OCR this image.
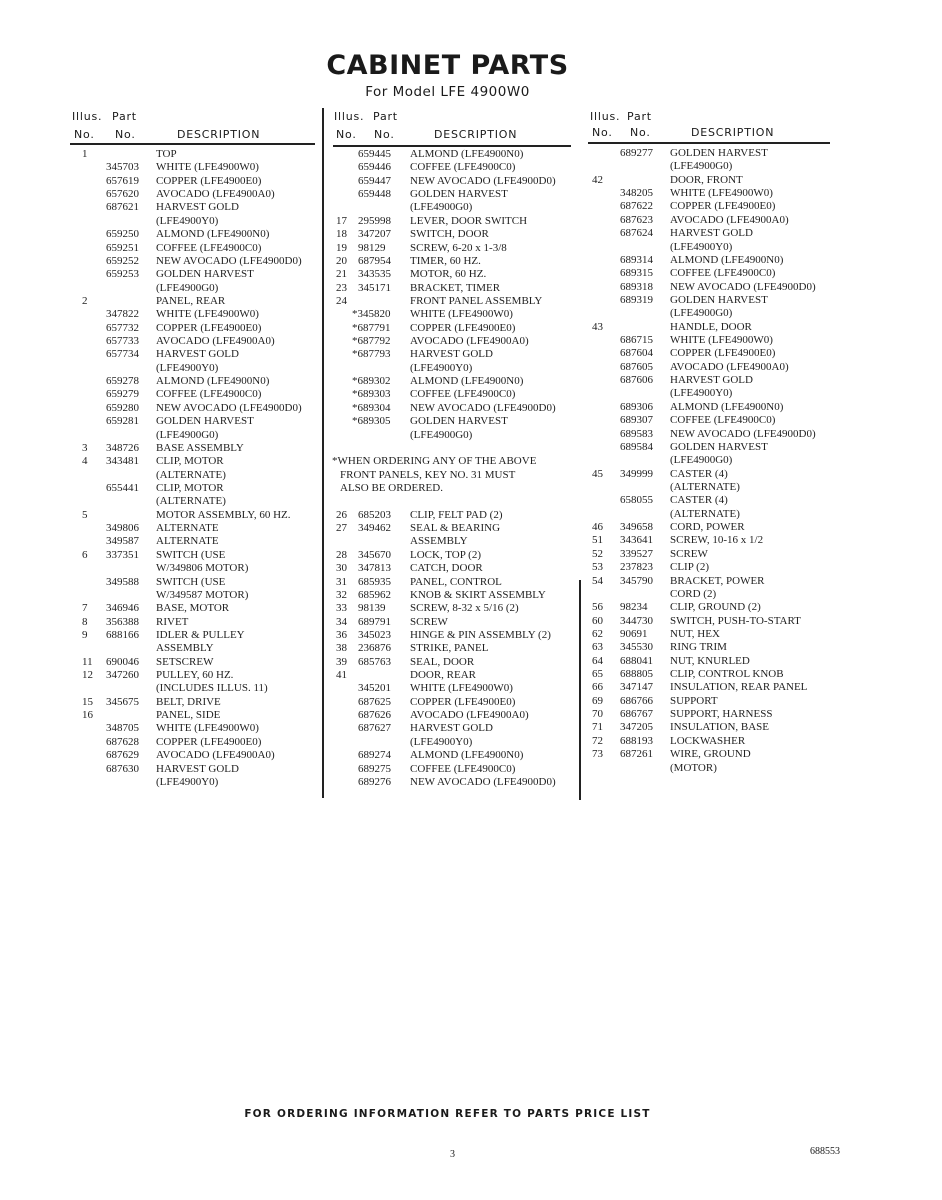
CABINET PARTS
For Model LFE 4900W0
Illus. Part
No. No.	DESCRIPTION
Illus. Part
No. No.	DESCRIPTION
Illus. Part
No. No.	DESCRIPTION
1	TOP
345703 WHITE (LFE4900W0)
657619 COPPER (LFE4900E0)
657620 AVOCADO (LFE4900A0)
687621 HARVEST GOLD
(LFE4900Y0)
659250 ALMOND (LFE4900N0)
659251 COFFEE (LFE4900C0)
659252 NEW AVOCADO (LFE4900D0)
659253 GOLDEN HARVEST
(LFE4900G0)
2	PANEL, REAR
347822 WHITE (LFE4900W0)
657732 COPPER (LFE4900E0)
657733 AVOCADO (LFE4900A0)
657734 HARVEST GOLD
(LFE4900Y0)
659278 ALMOND (LFE4900N0)
659279 COFFEE (LFE4900C0)
659280 NEW AVOCADO (LFE4900D0)
659281 GOLDEN HARVEST
(LFE4900G0)
3 348726 BASE ASSEMBLY
4 343481 CLIP, MOTOR
(ALTERNATE)
655441 CLIP, MOTOR
(ALTERNATE)
5	MOTOR ASSEMBLY, 60 HZ.
349806 ALTERNATE
349587 ALTERNATE
6 337351 SWITCH (USE
W/349806 MOTOR)
349588 SWITCH (USE
W/349587 MOTOR)
7 346946 BASE, MOTOR
8 356388 RIVET
9 688166 IDLER & PULLEY
ASSEMBLY
11 690046 SETSCREW
12 347260 PULLEY, 60 HZ.
(INCLUDES ILLUS. 11)
15 345675 BELT, DRIVE
16	PANEL, SIDE
348705 WHITE (LFE4900W0)
687628 COPPER (LFE4900E0)
687629 AVOCADO (LFE4900A0)
687630 HARVEST GOLD
(LFE4900Y0)
659445 ALMOND (LFE4900N0)
659446 COFFEE (LFE4900C0)
659447 NEW AVOCADO (LFE4900D0)
659448 GOLDEN HARVEST
(LFE4900G0)
17 295998 LEVER, DOOR SWITCH
18 347207 SWITCH, DOOR
19 98129 SCREW, 6-20 x 1-3/8
20 687954 TIMER, 60 HZ.
21 343535 MOTOR, 60 HZ.
23 345171 BRACKET, TIMER
24	FRONT PANEL ASSEMBLY
*345820 WHITE (LFE4900W0)
*687791 COPPER (LFE4900E0)
*687792 AVOCADO (LFE4900A0)
*687793 HARVEST GOLD
(LFE4900Y0)
*689302 ALMOND (LFE4900N0)
*689303 COFFEE (LFE4900C0)
*689304 NEW AVOCADO (LFE4900D0)
*689305 GOLDEN HARVEST
(LFE4900G0)
*WHEN ORDERING ANY OF THE ABOVE
FRONT PANELS, KEY NO. 31 MUST
ALSO BE ORDERED.
26 685203 CLIP, FELT PAD (2)
27 349462 SEAL & BEARING
ASSEMBLY
28 345670 LOCK, TOP (2)
30 347813 CATCH, DOOR
31 685935 PANEL, CONTROL
32 685962 KNOB & SKIRT ASSEMBLY
33 98139 SCREW, 8-32 x 5/16 (2)
34 689791 SCREW
36 345023 HINGE & PIN ASSEMBLY (2)
38 236876 STRIKE, PANEL
39 685763 SEAL, DOOR
41	DOOR, REAR
345201 WHITE (LFE4900W0)
687625 COPPER (LFE4900E0)
687626 AVOCADO (LFE4900A0)
687627 HARVEST GOLD
(LFE4900Y0)
689274 ALMOND (LFE4900N0)
689275 COFFEE (LFE4900C0)
689276 NEW AVOCADO (LFE4900D0)
689277 GOLDEN HARVEST
(LFE4900G0)
42	DOOR, FRONT
348205 WHITE (LFE4900W0)
687622 COPPER (LFE4900E0)
687623 AVOCADO (LFE4900A0)
687624 HARVEST GOLD
(LFE4900Y0)
689314 ALMOND (LFE4900N0)
689315 COFFEE (LFE4900C0)
689318 NEW AVOCADO (LFE4900D0)
689319 GOLDEN HARVEST
(LFE4900G0)
43	HANDLE, DOOR
686715 WHITE (LFE4900W0)
687604 COPPER (LFE4900E0)
687605 AVOCADO (LFE4900A0)
687606 HARVEST GOLD
(LFE4900Y0)
689306 ALMOND (LFE4900N0)
689307 COFFEE (LFE4900C0)
689583 NEW AVOCADO (LFE4900D0)
689584 GOLDEN HARVEST
(LFE4900G0)
45 349999 CASTER (4)
(ALTERNATE)
658055 CASTER (4)
(ALTERNATE)
46 349658 CORD, POWER
51 343641 SCREW, 10-16 x 1/2
52 339527 SCREW
53 237823 CLIP (2)
54 345790 BRACKET, POWER
CORD (2)
56 98234 CLIP, GROUND (2)
60 344730 SWITCH, PUSH-TO-START
62 90691 NUT, HEX
63 345530 RING TRIM
64 688041 NUT, KNURLED
65 688805 CLIP, CONTROL KNOB
66 347147 INSULATION, REAR PANEL
69 686766 SUPPORT
70 686767 SUPPORT, HARNESS
71 347205 INSULATION, BASE
72 688193 LOCKWASHER
73 687261 WIRE, GROUND
(MOTOR)
FOR ORDERING INFORMATION REFER TO PARTS PRICE LIST
3	688553
